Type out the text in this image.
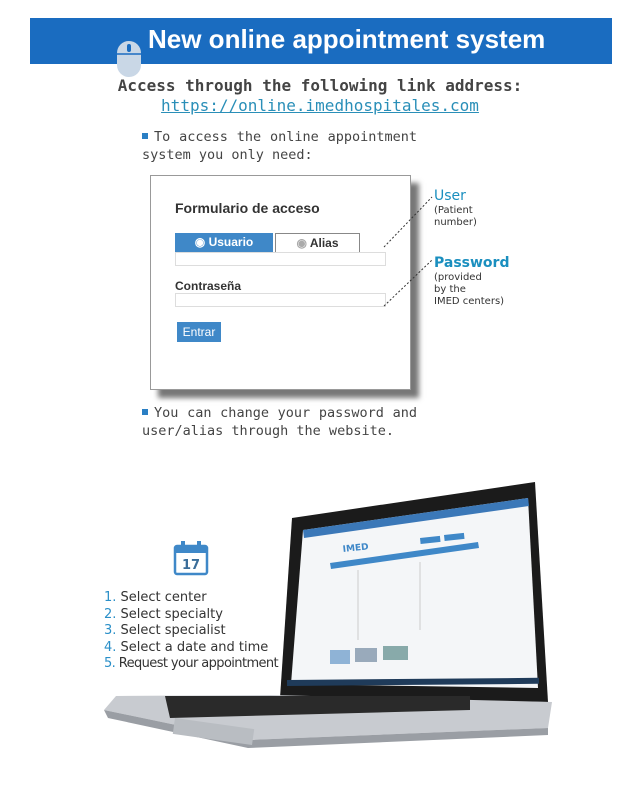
New online appointment system
Access through the following link address:
https://online.imedhospitales.com
To access the online appointment system you only need:
Formulario de acceso
◉ Usuario	◉ Alias
Contraseña
Entrar
User
(Patient
number)
Password
(provided
by the
IMED centers)
You can change your password and user/alias through the website.
IMED
17
1. Select center
2. Select specialty
3. Select specialist
4. Select a date and time
5. Request your appointment
